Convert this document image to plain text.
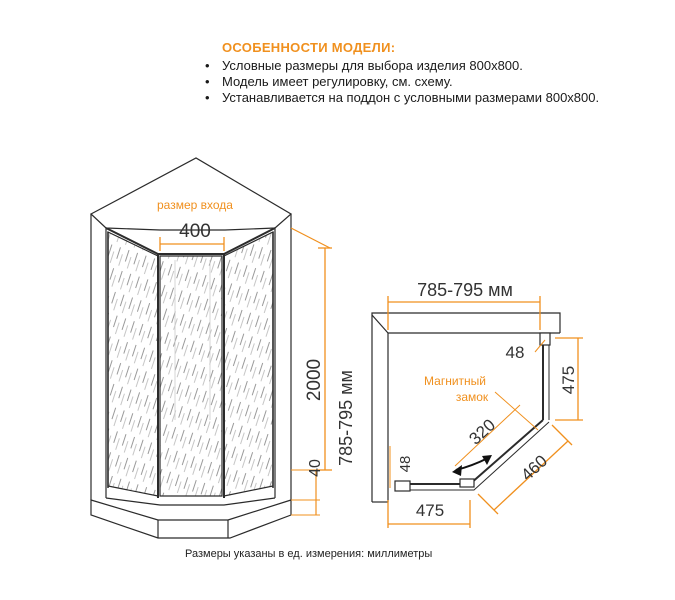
ОСОБЕННОСТИ МОДЕЛИ:
• Условные размеры для выбора изделия 800х800.
• Модель имеет регулировку, см. схему.
• Устанавливается на поддон с условными размерами 800х800.
размер входа
400
2000
40
785-795 мм
785-795 мм
48
475
Магнитный
замок
320
460
48
475
Размеры указаны в ед. измерения: миллиметры
